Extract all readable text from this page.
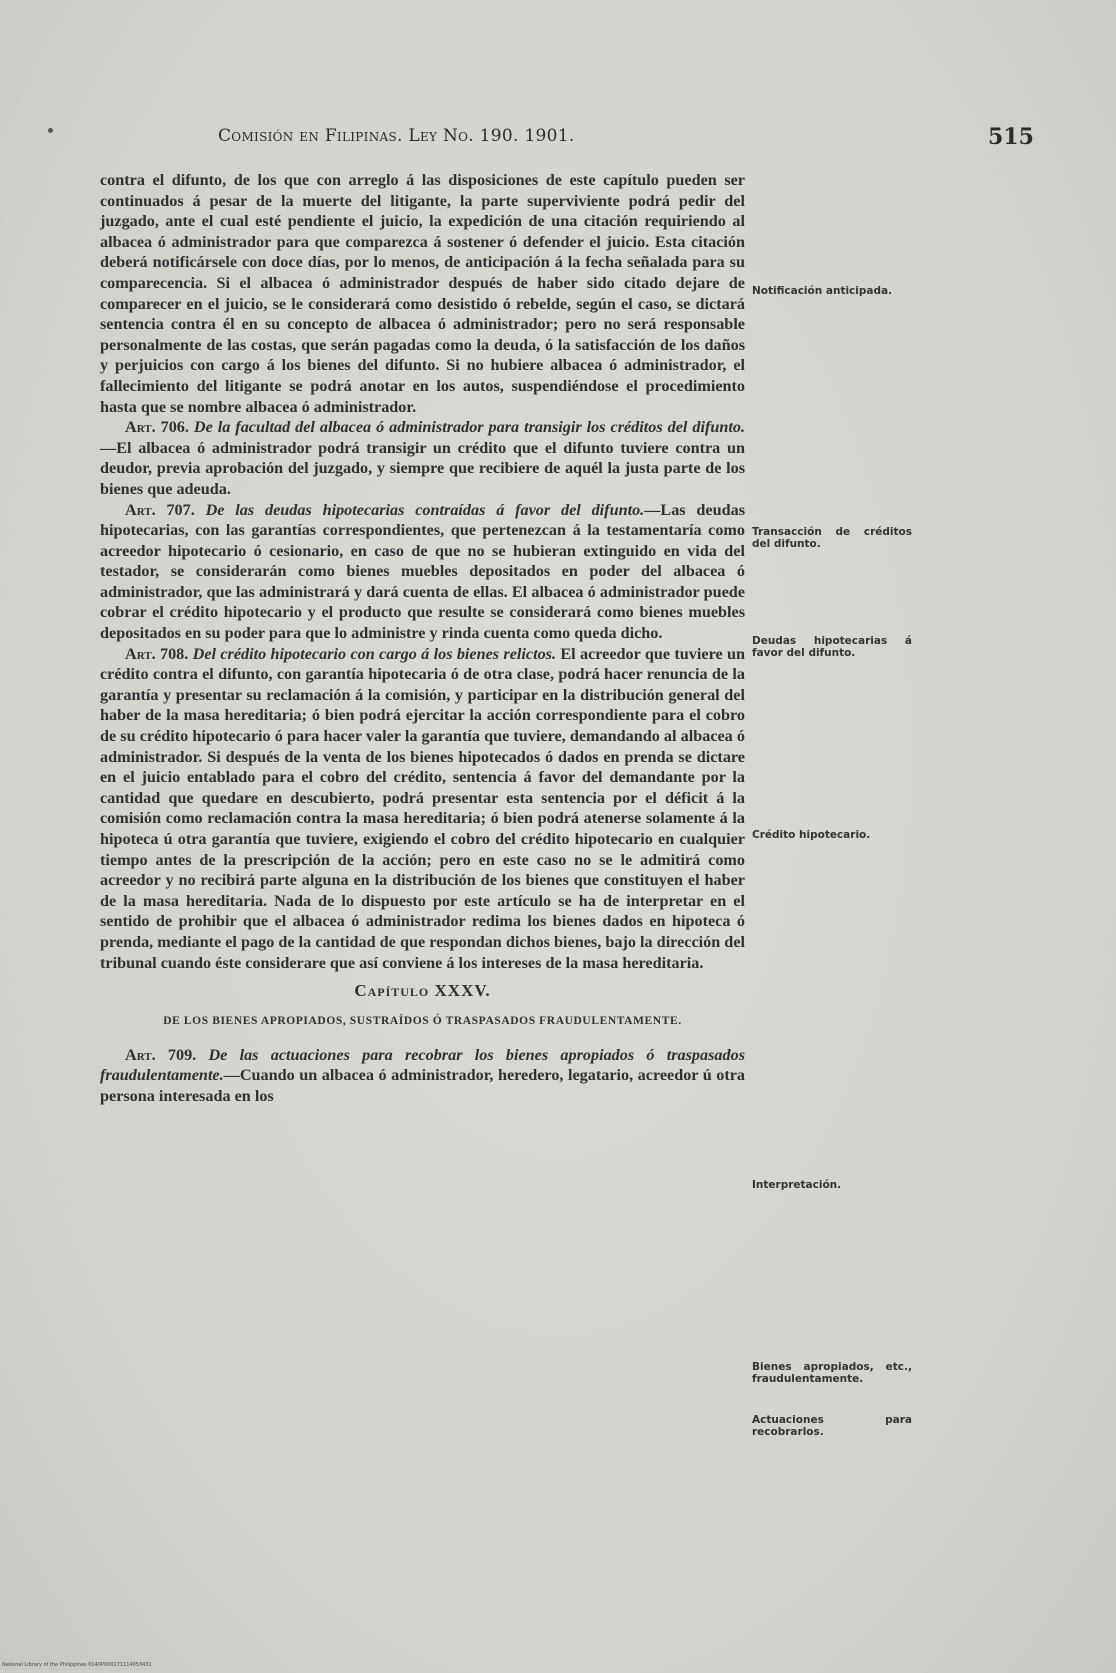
Comisión en Filipinas. Ley No. 190. 1901.	515

contra el difunto, de los que con arreglo á las disposiciones de este capítulo pueden ser continuados á pesar de la muerte del litigante, la parte superviviente podrá pedir del juzgado, ante el cual esté pendiente el juicio, la expedición de una citación requiriendo al albacea ó administrador para que comparezca á sostener ó defender el juicio. Esta citación deberá notificársele con doce días, por lo menos, de anticipación á la fecha señalada para su comparecencia. Si el albacea ó administrador después de haber sido citado dejare de comparecer en el juicio, se le considerará como desistido ó rebelde, según el caso, se dictará sentencia contra él en su concepto de albacea ó administrador; pero no será responsable personalmente de las costas, que serán pagadas como la deuda, ó la satisfacción de los daños y perjuicios con cargo á los bienes del difunto. Si no hubiere albacea ó administrador, el fallecimiento del litigante se podrá anotar en los autos, suspendiéndose el procedimiento hasta que se nombre albacea ó administrador.

Art. 706. De la facultad del albacea ó administrador para transigir los créditos del difunto.—El albacea ó administrador podrá transigir un crédito que el difunto tuviere contra un deudor, previa aprobación del juzgado, y siempre que recibiere de aquél la justa parte de los bienes que adeuda.

Art. 707. De las deudas hipotecarias contraídas á favor del difunto.—Las deudas hipotecarias, con las garantías correspondientes, que pertenezcan á la testamentaría como acreedor hipotecario ó cesionario, en caso de que no se hubieran extinguido en vida del testador, se considerarán como bienes muebles depositados en poder del albacea ó administrador, que las administrará y dará cuenta de ellas. El albacea ó administrador puede cobrar el crédito hipotecario y el producto que resulte se considerará como bienes muebles depositados en su poder para que lo administre y rinda cuenta como queda dicho.

Art. 708. Del crédito hipotecario con cargo á los bienes relictos. El acreedor que tuviere un crédito contra el difunto, con garantía hipotecaria ó de otra clase, podrá hacer renuncia de la garantía y presentar su reclamación á la comisión, y participar en la distribución general del haber de la masa hereditaria; ó bien podrá ejercitar la acción correspondiente para el cobro de su crédito hipotecario ó para hacer valer la garantía que tuviere, demandando al albacea ó administrador. Si después de la venta de los bienes hipotecados ó dados en prenda se dictare en el juicio entablado para el cobro del crédito, sentencia á favor del demandante por la cantidad que quedare en descubierto, podrá presentar esta sentencia por el déficit á la comisión como reclamación contra la masa hereditaria; ó bien podrá atenerse solamente á la hipoteca ú otra garantía que tuviere, exigiendo el cobro del crédito hipotecario en cualquier tiempo antes de la prescripción de la acción; pero en este caso no se le admitirá como acreedor y no recibirá parte alguna en la distribución de los bienes que constituyen el haber de la masa hereditaria. Nada de lo dispuesto por este artículo se ha de interpretar en el sentido de prohibir que el albacea ó administrador redima los bienes dados en hipoteca ó prenda, mediante el pago de la cantidad de que respondan dichos bienes, bajo la dirección del tribunal cuando éste considerare que así conviene á los intereses de la masa hereditaria.

Capítulo XXXV.

DE LOS BIENES APROPIADOS, SUSTRAÍDOS Ó TRASPASADOS FRAUDULENTAMENTE.

Art. 709. De las actuaciones para recobrar los bienes apropiados ó traspasados fraudulentamente.—Cuando un albacea ó administrador, heredero, legatario, acreedor ú otra persona interesada en los

Notificación anticipada.
Transacción de créditos del difunto.
Deudas hipotecarias á favor del difunto.
Crédito hipotecario.
Interpretación.
Bienes apropiados, etc., fraudulentamente.
Actuaciones para recobrarlos.
National Library of the Philippines 0140P000171114053431
